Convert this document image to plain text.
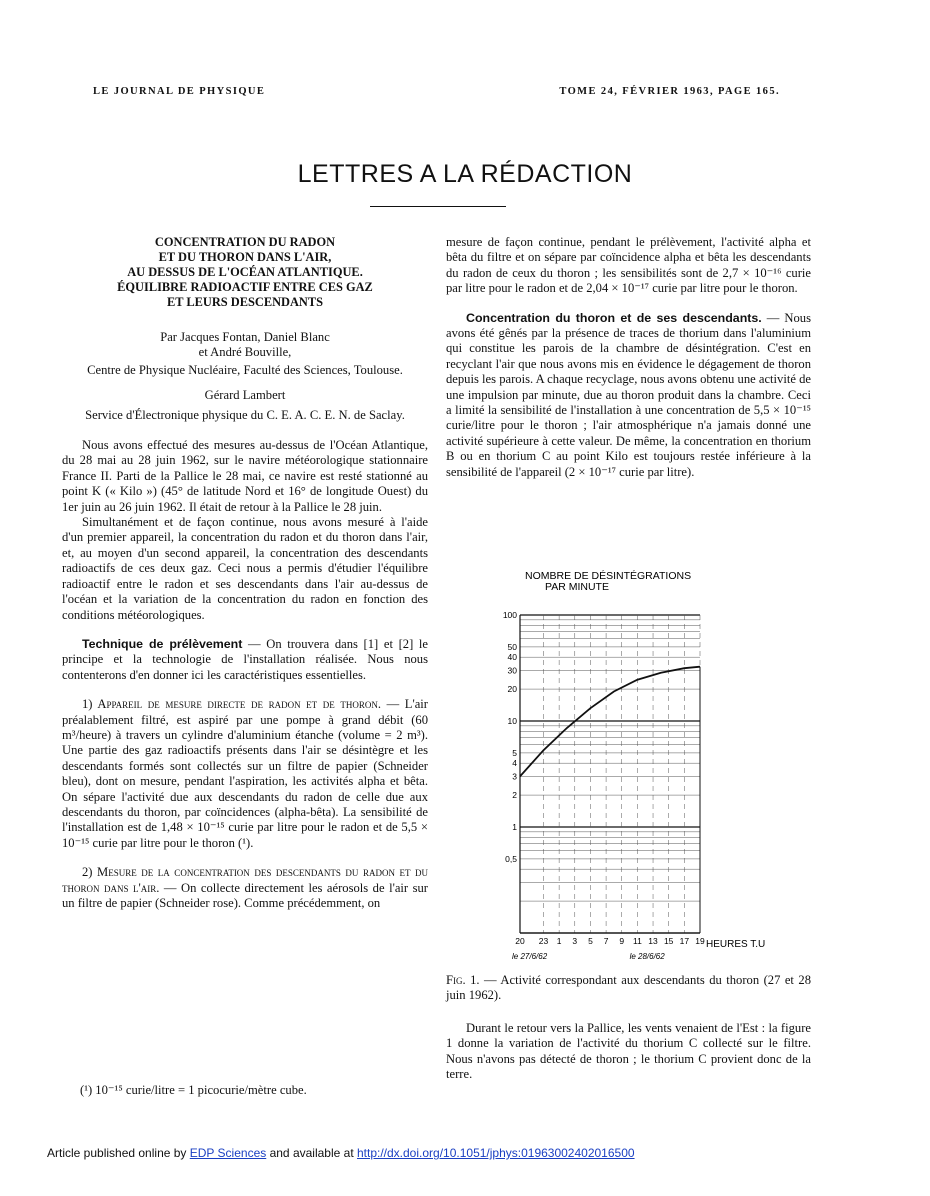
LE JOURNAL DE PHYSIQUE	TOME 24, FÉVRIER 1963, PAGE 165.
LETTRES A LA RÉDACTION

CONCENTRATION DU RADON

ET DU THORON DANS L'AIR,

AU DESSUS DE L'OCÉAN ATLANTIQUE.

ÉQUILIBRE RADIOACTIF ENTRE CES GAZ

ET LEURS DESCENDANTS

Par Jacques Fontan, Daniel Blanc

et André Bouville,

Centre de Physique Nucléaire, Faculté des Sciences, Toulouse.

Gérard Lambert

Service d'Électronique physique du C. E. A. C. E. N. de Saclay.

Nous avons effectué des mesures au-dessus de l'Océan Atlantique, du 28 mai au 28 juin 1962, sur le navire météorologique stationnaire France II. Parti de la Pallice le 28 mai, ce navire est resté stationné au point K (« Kilo ») (45° de latitude Nord et 16° de longitude Ouest) du 1er juin au 26 juin 1962. Il était de retour à la Pallice le 28 juin.

Simultanément et de façon continue, nous avons mesuré à l'aide d'un premier appareil, la concentration du radon et du thoron dans l'air, et, au moyen d'un second appareil, la concentration des descendants radioactifs de ces deux gaz. Ceci nous a permis d'étudier l'équilibre radioactif entre le radon et ses descendants dans l'air au-dessus de l'océan et la variation de la concentration du radon en fonction des conditions météorologiques.

Technique de prélèvement — On trouvera dans [1] et [2] le principe et la technologie de l'installation réalisée. Nous nous contenterons d'en donner ici les caractéristiques essentielles.

1) Appareil de mesure directe de radon et de thoron. — L'air préalablement filtré, est aspiré par une pompe à grand débit (60 m³/heure) à travers un cylindre d'aluminium étanche (volume = 2 m³). Une partie des gaz radioactifs présents dans l'air se désintègre et les descendants formés sont collectés sur un filtre de papier (Schneider bleu), dont on mesure, pendant l'aspiration, les activités alpha et bêta. On sépare l'activité due aux descendants du radon de celle due aux descendants du thoron, par coïncidences (alpha-bêta). La sensibilité de l'installation est de 1,48 × 10⁻¹⁵ curie par litre pour le radon et de 5,5 × 10⁻¹⁵ curie par litre pour le thoron (¹).

2) Mesure de la concentration des descendants du radon et du thoron dans l'air. — On collecte directement les aérosols de l'air sur un filtre de papier (Schneider rose). Comme précédemment, on

(¹) 10⁻¹⁵ curie/litre = 1 picocurie/mètre cube.

mesure de façon continue, pendant le prélèvement, l'activité alpha et bêta du filtre et on sépare par coïncidence alpha et bêta les descendants du radon de ceux du thoron ; les sensibilités sont de 2,7 × 10⁻¹⁶ curie par litre pour le radon et de 2,04 × 10⁻¹⁷ curie par litre pour le thoron.

Concentration du thoron et de ses descendants. — Nous avons été gênés par la présence de traces de thorium dans l'aluminium qui constitue les parois de la chambre de désintégration. C'est en recyclant l'air que nous avons mis en évidence le dégagement de thoron depuis les parois. A chaque recyclage, nous avons obtenu une activité de une impulsion par minute, due au thoron produit dans la chambre. Ceci a limité la sensibilité de l'installation à une concentration de 5,5 × 10⁻¹⁵ curie/litre pour le thoron ; l'air atmosphérique n'a jamais donné une activité supérieure à cette valeur. De même, la concentration en thorium B ou en thorium C au point Kilo est toujours restée inférieure à la sensibilité de l'appareil (2 × 10⁻¹⁷ curie par litre).

NOMBRE DE DÉSINTÉGRATIONS
PAR MINUTE
100
50
40
30
20
10
5
4
3
2
1
0,5
20 23 1 3 5 7 9 11 13 15 17 19 HEURES T.U
le 27/6/62	le 28/6/62
Fig. 1. — Activité correspondant aux descendants du thoron (27 et 28 juin 1962).

Durant le retour vers la Pallice, les vents venaient de l'Est : la figure 1 donne la variation de l'activité du thorium C collecté sur le filtre. Nous n'avons pas détecté de thoron ; le thorium C provient donc de la terre.

Article published online by EDP Sciences and available at http://dx.doi.org/10.1051/jphys:01963002402016500
